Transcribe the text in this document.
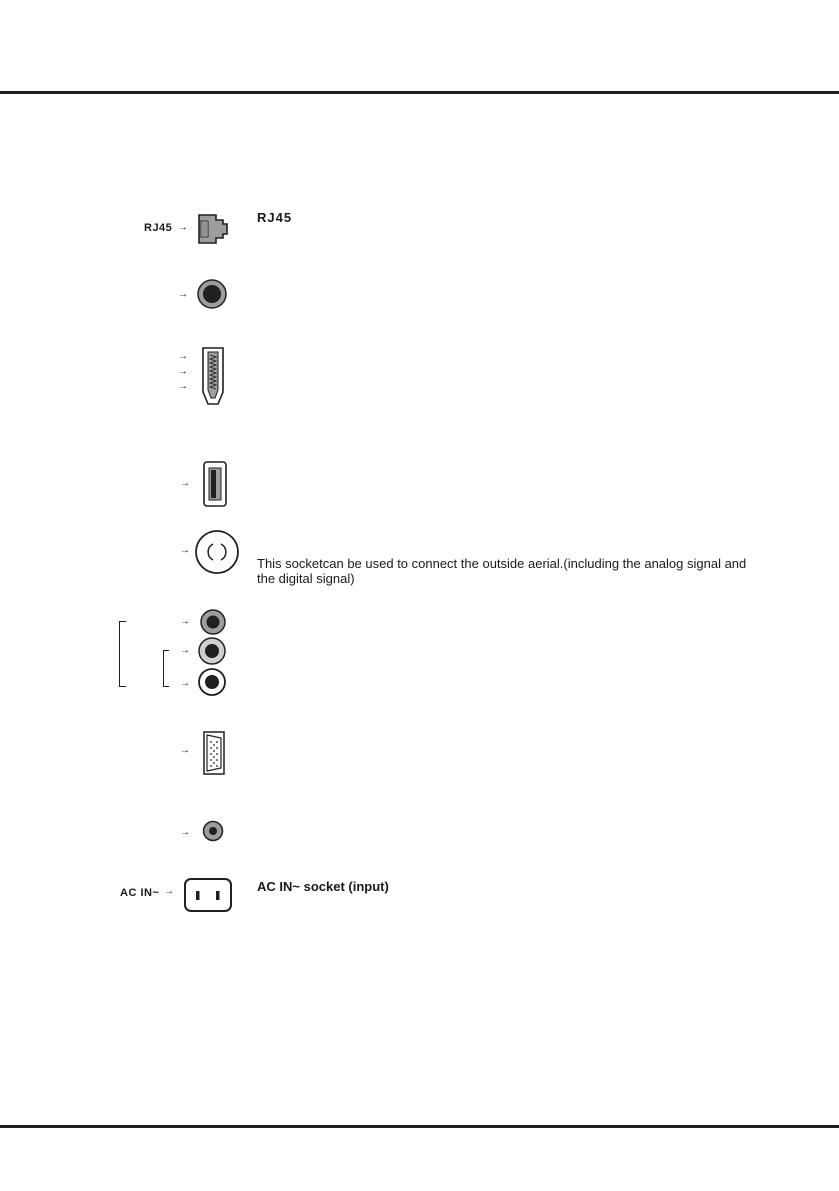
RJ45 →
RJ45
→
→
→
→
→
→
This socketcan be used to connect the outside aerial.(including the analog signal and the digital signal)
→
→
→
→
→
AC IN~ →	AC IN~ socket (input)
